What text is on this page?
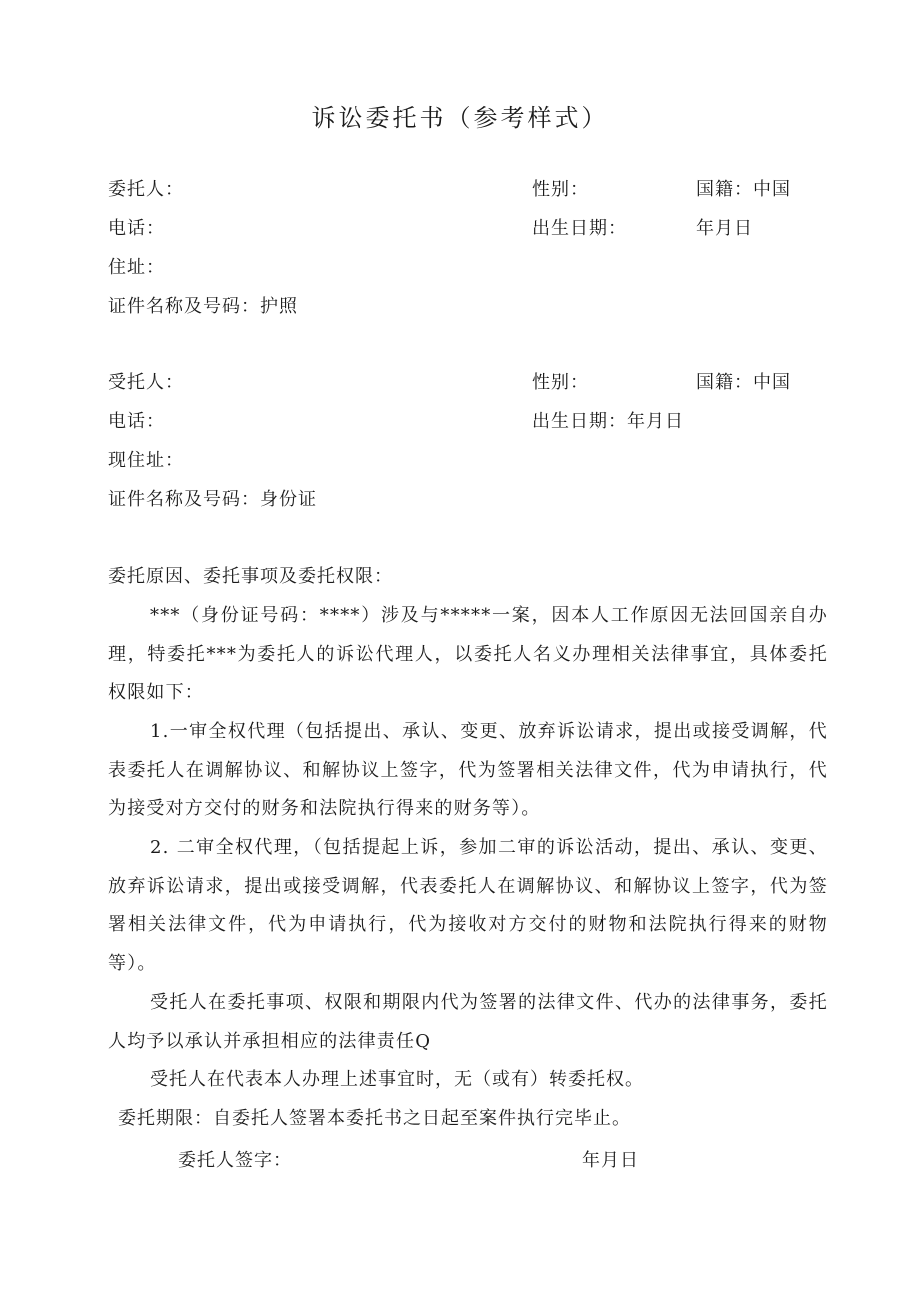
诉讼委托书（参考样式）
委托人：	性别：	国籍：中国
电话：	出生日期：	年月日
住址：
证件名称及号码：护照
受托人：	性别：	国籍：中国
电话：	出生日期：年月日
现住址：
证件名称及号码：身份证
委托原因、委托事项及委托权限：
***（身份证号码：****）涉及与*****一案，因本人工作原因无法回国亲自办理，特委托***为委托人的诉讼代理人，以委托人名义办理相关法律事宜，具体委托权限如下：
1.一审全权代理（包括提出、承认、变更、放弃诉讼请求，提出或接受调解，代表委托人在调解协议、和解协议上签字，代为签署相关法律文件，代为申请执行，代为接受对方交付的财务和法院执行得来的财务等）。
2. 二审全权代理，（包括提起上诉，参加二审的诉讼活动，提出、承认、变更、放弃诉讼请求，提出或接受调解，代表委托人在调解协议、和解协议上签字，代为签署相关法律文件，代为申请执行，代为接收对方交付的财物和法院执行得来的财物等）。
受托人在委托事项、权限和期限内代为签署的法律文件、代办的法律事务，委托人均予以承认并承担相应的法律责任Q
受托人在代表本人办理上述事宜时，无（或有）转委托权。
委托期限：自委托人签署本委托书之日起至案件执行完毕止。
委托人签字：	年月日
